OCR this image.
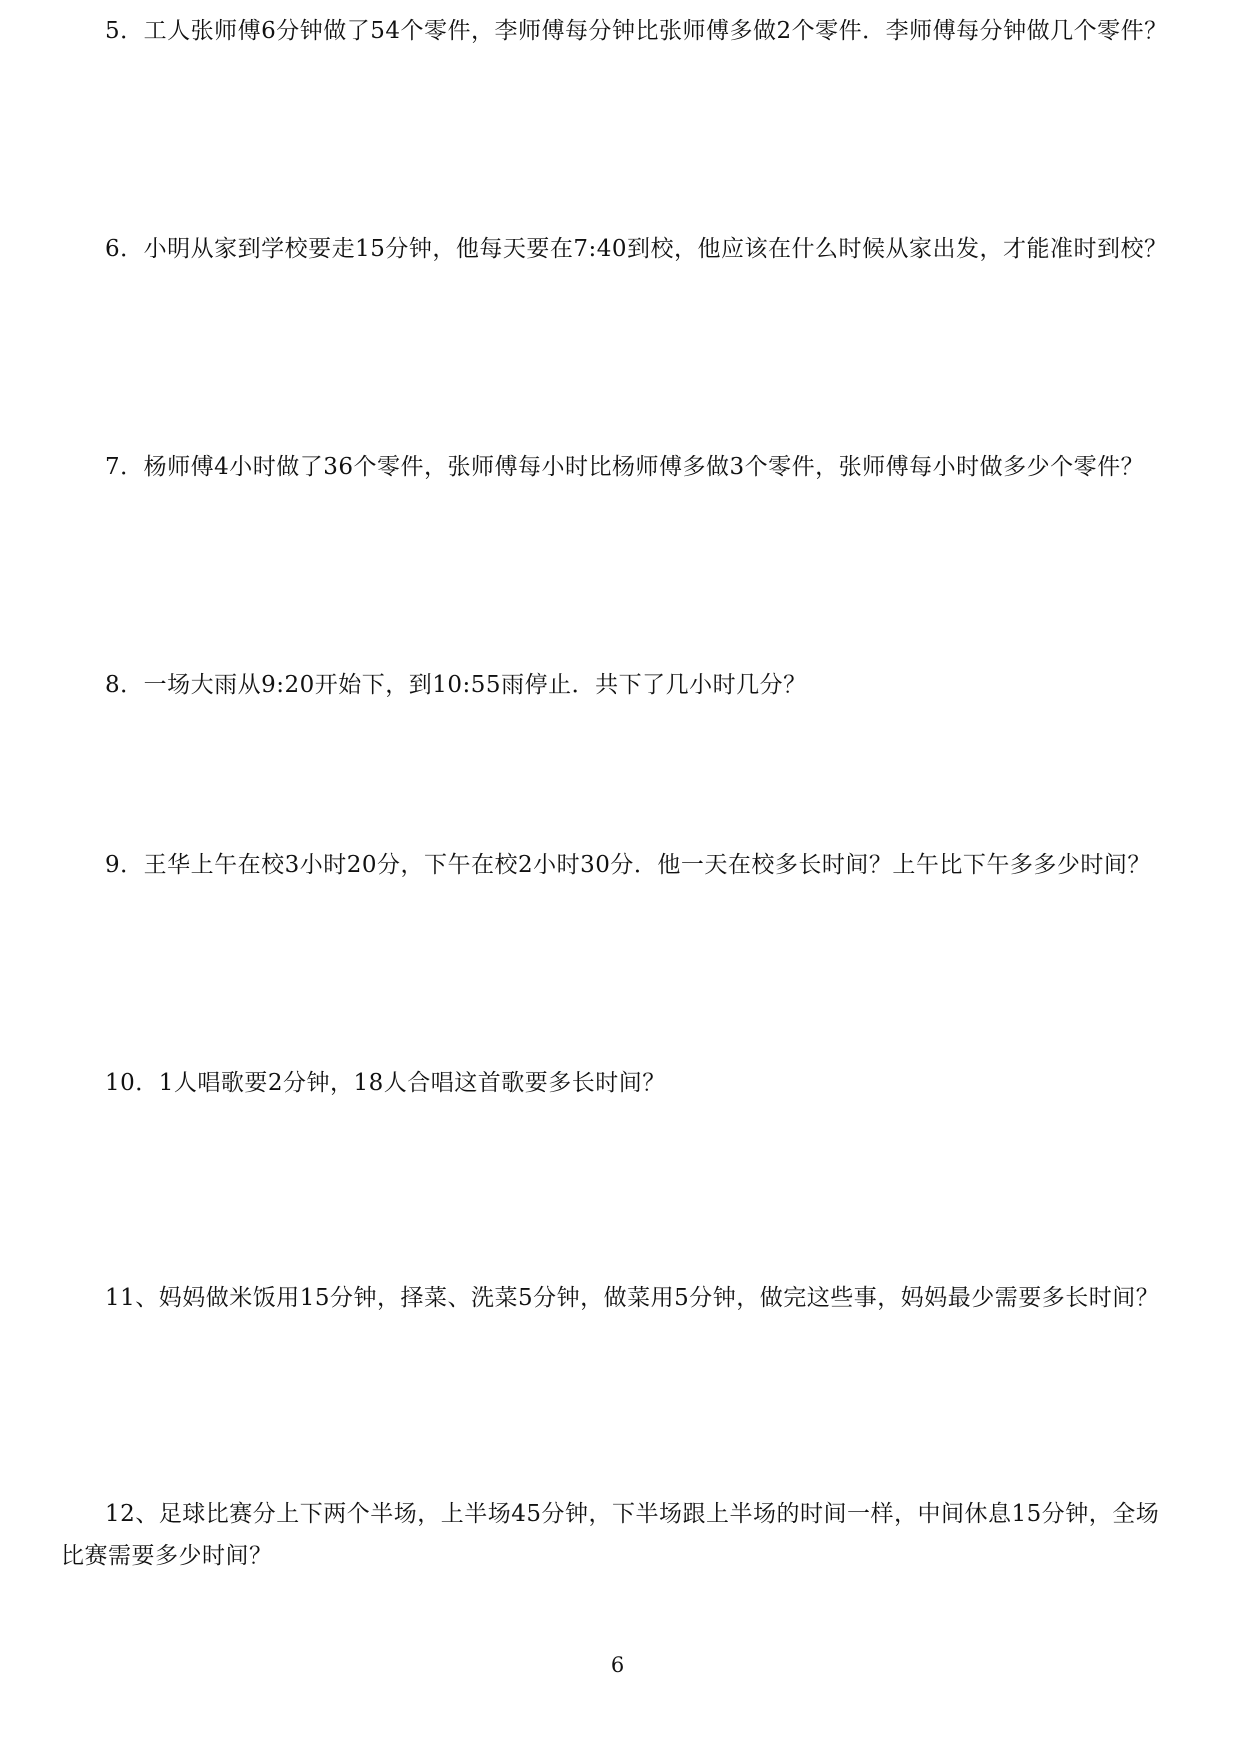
5．工人张师傅6分钟做了54个零件，李师傅每分钟比张师傅多做2个零件．李师傅每分钟做几个零件？

6．小明从家到学校要走15分钟，他每天要在7:40到校，他应该在什么时候从家出发，才能准时到校？

7．杨师傅4小时做了36个零件，张师傅每小时比杨师傅多做3个零件，张师傅每小时做多少个零件？

8．一场大雨从9:20开始下，到10:55雨停止．共下了几小时几分？

9．王华上午在校3小时20分，下午在校2小时30分．他一天在校多长时间？上午比下午多多少时间？

10．1人唱歌要2分钟，18人合唱这首歌要多长时间？

11、妈妈做米饭用15分钟，择菜、洗菜5分钟，做菜用5分钟，做完这些事，妈妈最少需要多长时间？

12、足球比赛分上下两个半场，上半场45分钟，下半场跟上半场的时间一样，中间休息15分钟，全场比赛需要多少时间？

6
